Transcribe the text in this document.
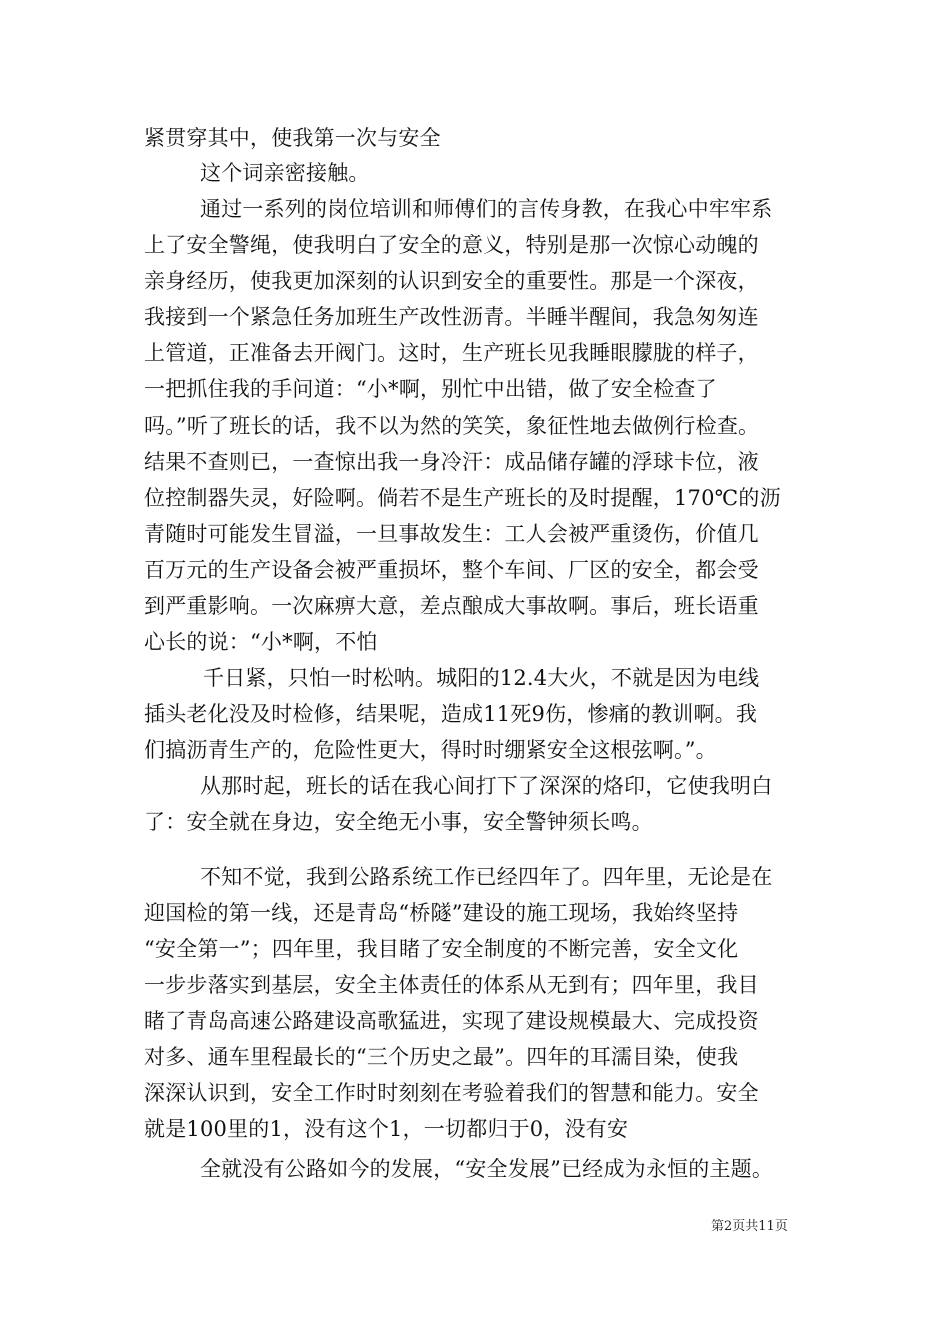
紧贯穿其中，使我第一次与安全
这个词亲密接触。
通过一系列的岗位培训和师傅们的言传身教，在我心中牢牢系
上了安全警绳，使我明白了安全的意义，特别是那一次惊心动魄的
亲身经历，使我更加深刻的认识到安全的重要性。那是一个深夜，
我接到一个紧急任务加班生产改性沥青。半睡半醒间，我急匆匆连
上管道，正准备去开阀门。这时，生产班长见我睡眼朦胧的样子，
一把抓住我的手问道：“小*啊，别忙中出错，做了安全检查了
吗。”听了班长的话，我不以为然的笑笑，象征性地去做例行检查。
结果不查则已，一查惊出我一身冷汗：成品储存罐的浮球卡位，液
位控制器失灵，好险啊。倘若不是生产班长的及时提醒，170℃的沥
青随时可能发生冒溢，一旦事故发生：工人会被严重烫伤，价值几
百万元的生产设备会被严重损坏，整个车间、厂区的安全，都会受
到严重影响。一次麻痹大意，差点酿成大事故啊。事后，班长语重
心长的说：“小*啊，不怕
千日紧，只怕一时松呐。城阳的12.4大火，不就是因为电线
插头老化没及时检修，结果呢，造成11死9伤，惨痛的教训啊。我
们搞沥青生产的，危险性更大，得时时绷紧安全这根弦啊。”。
从那时起，班长的话在我心间打下了深深的烙印，它使我明白
了：安全就在身边，安全绝无小事，安全警钟须长鸣。
不知不觉，我到公路系统工作已经四年了。四年里，无论是在
迎国检的第一线，还是青岛“桥隧”建设的施工现场，我始终坚持
“安全第一”；四年里，我目睹了安全制度的不断完善，安全文化
一步步落实到基层，安全主体责任的体系从无到有；四年里，我目
睹了青岛高速公路建设高歌猛进，实现了建设规模最大、完成投资
对多、通车里程最长的“三个历史之最”。四年的耳濡目染，使我
深深认识到，安全工作时时刻刻在考验着我们的智慧和能力。安全
就是100里的1，没有这个1，一切都归于0，没有安
全就没有公路如今的发展，“安全发展”已经成为永恒的主题。
第2页共11页
